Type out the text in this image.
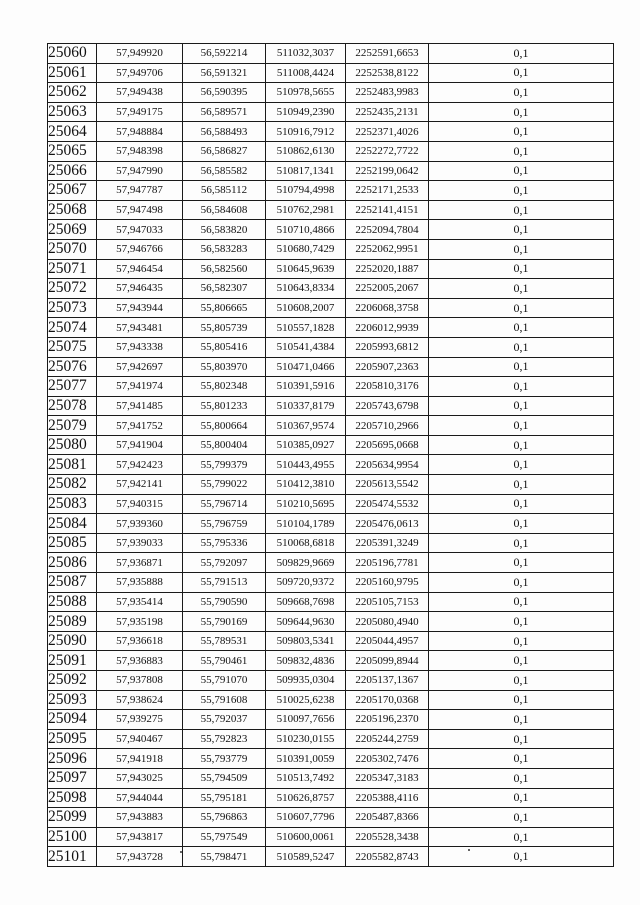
25060	57,949920	56,592214	511032,3037	2252591,6653	0,1
25061	57,949706	56,591321	511008,4424	2252538,8122	0,1
25062	57,949438	56,590395	510978,5655	2252483,9983	0,1
25063	57,949175	56,589571	510949,2390	2252435,2131	0,1
25064	57,948884	56,588493	510916,7912	2252371,4026	0,1
25065	57,948398	56,586827	510862,6130	2252272,7722	0,1
25066	57,947990	56,585582	510817,1341	2252199,0642	0,1
25067	57,947787	56,585112	510794,4998	2252171,2533	0,1
25068	57,947498	56,584608	510762,2981	2252141,4151	0,1
25069	57,947033	56,583820	510710,4866	2252094,7804	0,1
25070	57,946766	56,583283	510680,7429	2252062,9951	0,1
25071	57,946454	56,582560	510645,9639	2252020,1887	0,1
25072	57,946435	56,582307	510643,8334	2252005,2067	0,1
25073	57,943944	55,806665	510608,2007	2206068,3758	0,1
25074	57,943481	55,805739	510557,1828	2206012,9939	0,1
25075	57,943338	55,805416	510541,4384	2205993,6812	0,1
25076	57,942697	55,803970	510471,0466	2205907,2363	0,1
25077	57,941974	55,802348	510391,5916	2205810,3176	0,1
25078	57,941485	55,801233	510337,8179	2205743,6798	0,1
25079	57,941752	55,800664	510367,9574	2205710,2966	0,1
25080	57,941904	55,800404	510385,0927	2205695,0668	0,1
25081	57,942423	55,799379	510443,4955	2205634,9954	0,1
25082	57,942141	55,799022	510412,3810	2205613,5542	0,1
25083	57,940315	55,796714	510210,5695	2205474,5532	0,1
25084	57,939360	55,796759	510104,1789	2205476,0613	0,1
25085	57,939033	55,795336	510068,6818	2205391,3249	0,1
25086	57,936871	55,792097	509829,9669	2205196,7781	0,1
25087	57,935888	55,791513	509720,9372	2205160,9795	0,1
25088	57,935414	55,790590	509668,7698	2205105,7153	0,1
25089	57,935198	55,790169	509644,9630	2205080,4940	0,1
25090	57,936618	55,789531	509803,5341	2205044,4957	0,1
25091	57,936883	55,790461	509832,4836	2205099,8944	0,1
25092	57,937808	55,791070	509935,0304	2205137,1367	0,1
25093	57,938624	55,791608	510025,6238	2205170,0368	0,1
25094	57,939275	55,792037	510097,7656	2205196,2370	0,1
25095	57,940467	55,792823	510230,0155	2205244,2759	0,1
25096	57,941918	55,793779	510391,0059	2205302,7476	0,1
25097	57,943025	55,794509	510513,7492	2205347,3183	0,1
25098	57,944044	55,795181	510626,8757	2205388,4116	0,1
25099	57,943883	55,796863	510607,7796	2205487,8366	0,1
25100	57,943817	55,797549	510600,0061	2205528,3438	0,1
25101	57,943728	55,798471	510589,5247	2205582,8743	0,1
